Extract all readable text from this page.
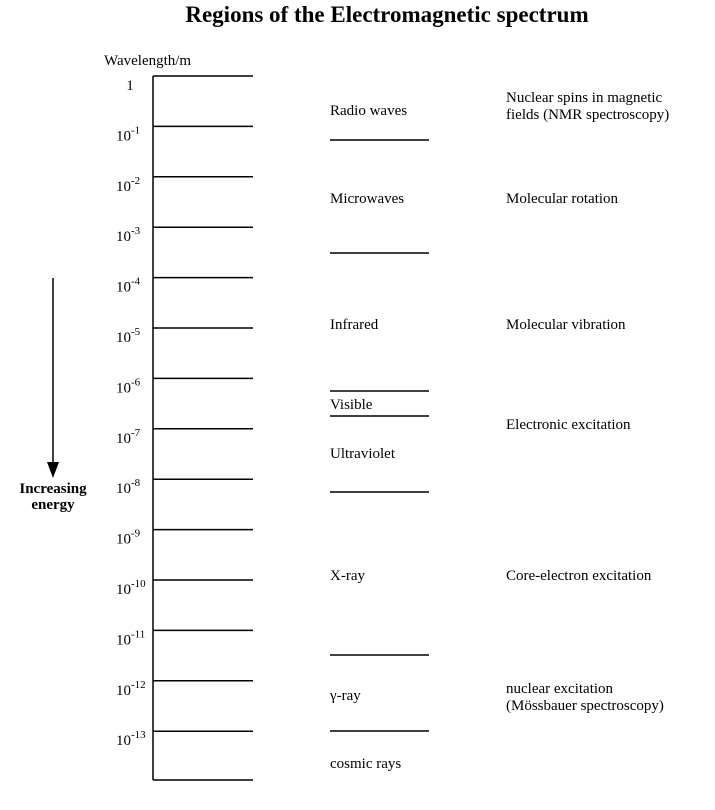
Regions of the Electromagnetic spectrum
Wavelength/m
1
$10^{-1}$
$10^{-2}$
$10^{-3}$
$10^{-4}$
$10^{-5}$
$10^{-6}$
$10^{-7}$
$10^{-8}$
$10^{-9}$
$10^{-10}$
$10^{-11}$
$10^{-12}$
$10^{-13}$
Radio waves
Microwaves
Infrared
Visible
Ultraviolet
X-ray
γ-ray
cosmic rays
Nuclear spins in magnetic
fields (NMR spectroscopy)
Molecular rotation
Molecular vibration
Electronic excitation
Core-electron excitation
nuclear excitation
(Mössbauer spectroscopy)
Increasing
energy
